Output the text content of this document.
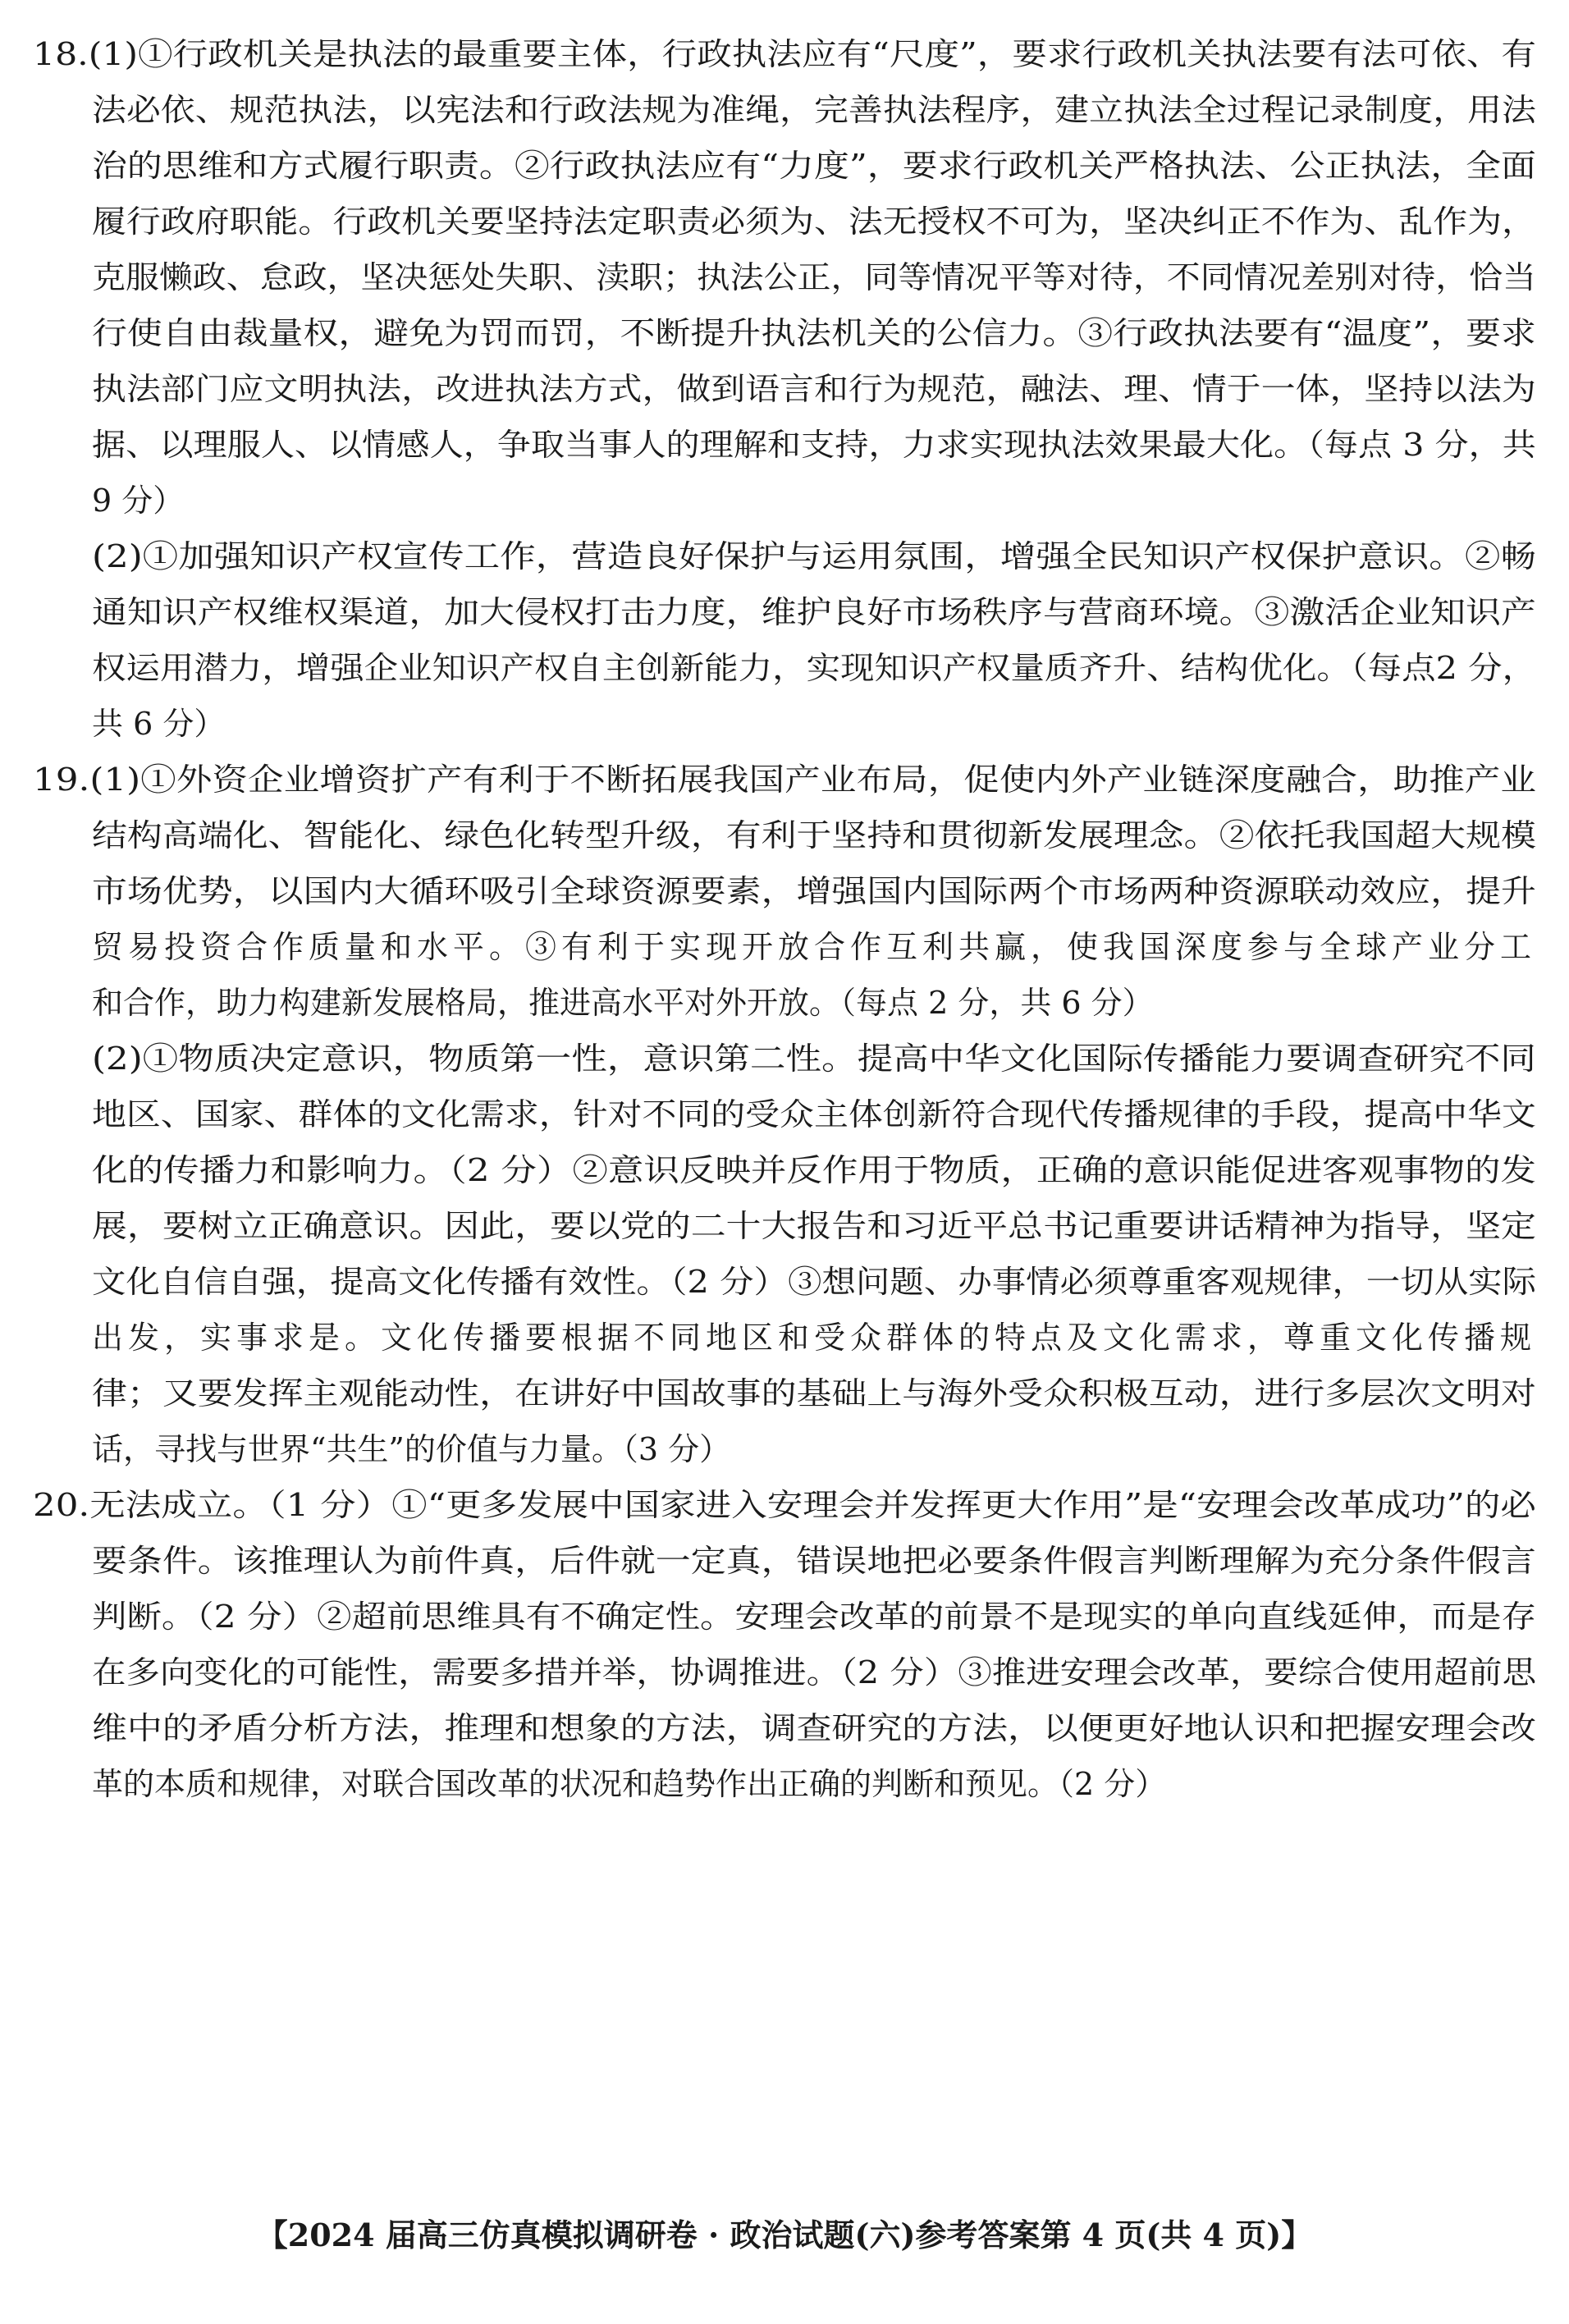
18.(1)①行政机关是执法的最重要主体，行政执法应有“尺度”，要求行政机关执法要有法可依、有
法必依、规范执法，以宪法和行政法规为准绳，完善执法程序，建立执法全过程记录制度，用法
治的思维和方式履行职责。②行政执法应有“力度”，要求行政机关严格执法、公正执法，全面
履行政府职能。行政机关要坚持法定职责必须为、法无授权不可为，坚决纠正不作为、乱作为，
克服懒政、怠政，坚决惩处失职、渎职；执法公正，同等情况平等对待，不同情况差别对待，恰当
行使自由裁量权，避免为罚而罚，不断提升执法机关的公信力。③行政执法要有“温度”，要求
执法部门应文明执法，改进执法方式，做到语言和行为规范，融法、理、情于一体，坚持以法为
据、以理服人、以情感人，争取当事人的理解和支持，力求实现执法效果最大化。（每点 3 分，共
9 分）
(2)①加强知识产权宣传工作，营造良好保护与运用氛围，增强全民知识产权保护意识。②畅
通知识产权维权渠道，加大侵权打击力度，维护良好市场秩序与营商环境。③激活企业知识产
权运用潜力，增强企业知识产权自主创新能力，实现知识产权量质齐升、结构优化。（每点2 分，
共 6 分）
19.(1)①外资企业增资扩产有利于不断拓展我国产业布局，促使内外产业链深度融合，助推产业
结构高端化、智能化、绿色化转型升级，有利于坚持和贯彻新发展理念。②依托我国超大规模
市场优势，以国内大循环吸引全球资源要素，增强国内国际两个市场两种资源联动效应，提升
贸易投资合作质量和水平。③有利于实现开放合作互利共赢，使我国深度参与全球产业分工
和合作，助力构建新发展格局，推进高水平对外开放。（每点 2 分，共 6 分）
(2)①物质决定意识，物质第一性，意识第二性。提高中华文化国际传播能力要调查研究不同
地区、国家、群体的文化需求，针对不同的受众主体创新符合现代传播规律的手段，提高中华文
化的传播力和影响力。（2 分）②意识反映并反作用于物质，正确的意识能促进客观事物的发
展，要树立正确意识。因此，要以党的二十大报告和习近平总书记重要讲话精神为指导，坚定
文化自信自强，提高文化传播有效性。（2 分）③想问题、办事情必须尊重客观规律，一切从实际
出发，实事求是。文化传播要根据不同地区和受众群体的特点及文化需求，尊重文化传播规
律；又要发挥主观能动性，在讲好中国故事的基础上与海外受众积极互动，进行多层次文明对
话，寻找与世界“共生”的价值与力量。（3 分）
20.无法成立。（1 分）①“更多发展中国家进入安理会并发挥更大作用”是“安理会改革成功”的必
要条件。该推理认为前件真，后件就一定真，错误地把必要条件假言判断理解为充分条件假言
判断。（2 分）②超前思维具有不确定性。安理会改革的前景不是现实的单向直线延伸，而是存
在多向变化的可能性，需要多措并举，协调推进。（2 分）③推进安理会改革，要综合使用超前思
维中的矛盾分析方法，推理和想象的方法，调查研究的方法，以便更好地认识和把握安理会改
革的本质和规律，对联合国改革的状况和趋势作出正确的判断和预见。（2 分）
【2024 届高三仿真模拟调研卷 · 政治试题(六)参考答案第 4 页(共 4 页)】
